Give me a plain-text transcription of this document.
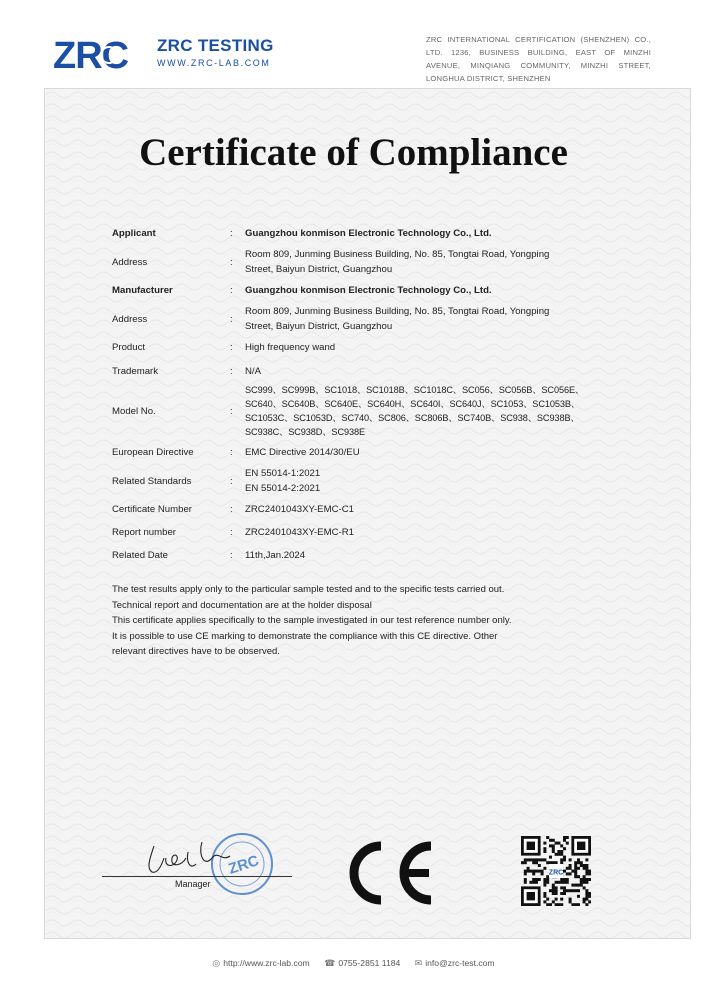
ZRC ZRC TESTING
WWW.ZRC-LAB.COM
ZRC INTERNATIONAL CERTIFICATION (SHENZHEN) CO., LTD. 1236, BUSINESS BUILDING, EAST OF MINZHI AVENUE, MINQIANG COMMUNITY, MINZHI STREET, LONGHUA DISTRICT, SHENZHEN
Certificate of Compliance
Applicant	:	Guangzhou konmison Electronic Technology Co., Ltd.
Address	:
Room 809, Junming Business Building, No. 85, Tongtai Road, Yongping
Street, Baiyun District, Guangzhou
Manufacturer	:	Guangzhou konmison Electronic Technology Co., Ltd.
Address	:
Room 809, Junming Business Building, No. 85, Tongtai Road, Yongping
Street, Baiyun District, Guangzhou
Product	:	High frequency wand
Trademark	:	N/A
Model No.	:
SC999、SC999B、SC1018、SC1018B、SC1018C、SC056、SC056B、SC056E、
SC640、SC640B、SC640E、SC640H、SC640I、SC640J、SC1053、SC1053B、
SC1053C、SC1053D、SC740、SC806、SC806B、SC740B、SC938、SC938B、
SC938C、SC938D、SC938E
European Directive	:	EMC Directive 2014/30/EU
Related Standards	:
EN 55014-1:2021
EN 55014-2:2021
Certificate Number	:	ZRC2401043XY-EMC-C1
Report number	:	ZRC2401043XY-EMC-R1
Related Date	:	11th,Jan.2024
The test results apply only to the particular sample tested and to the specific tests carried out.
Technical report and documentation are at the holder disposal
This certificate applies specifically to the sample investigated in our test reference number only.
It is possible to use CE marking to demonstrate the compliance with this CE directive. Other
relevant directives have to be observed.
ZRC
Manager
ZRC
◎ http://www.zrc-lab.com ☎ 0755-2851 1184 ✉ info@zrc-test.com
